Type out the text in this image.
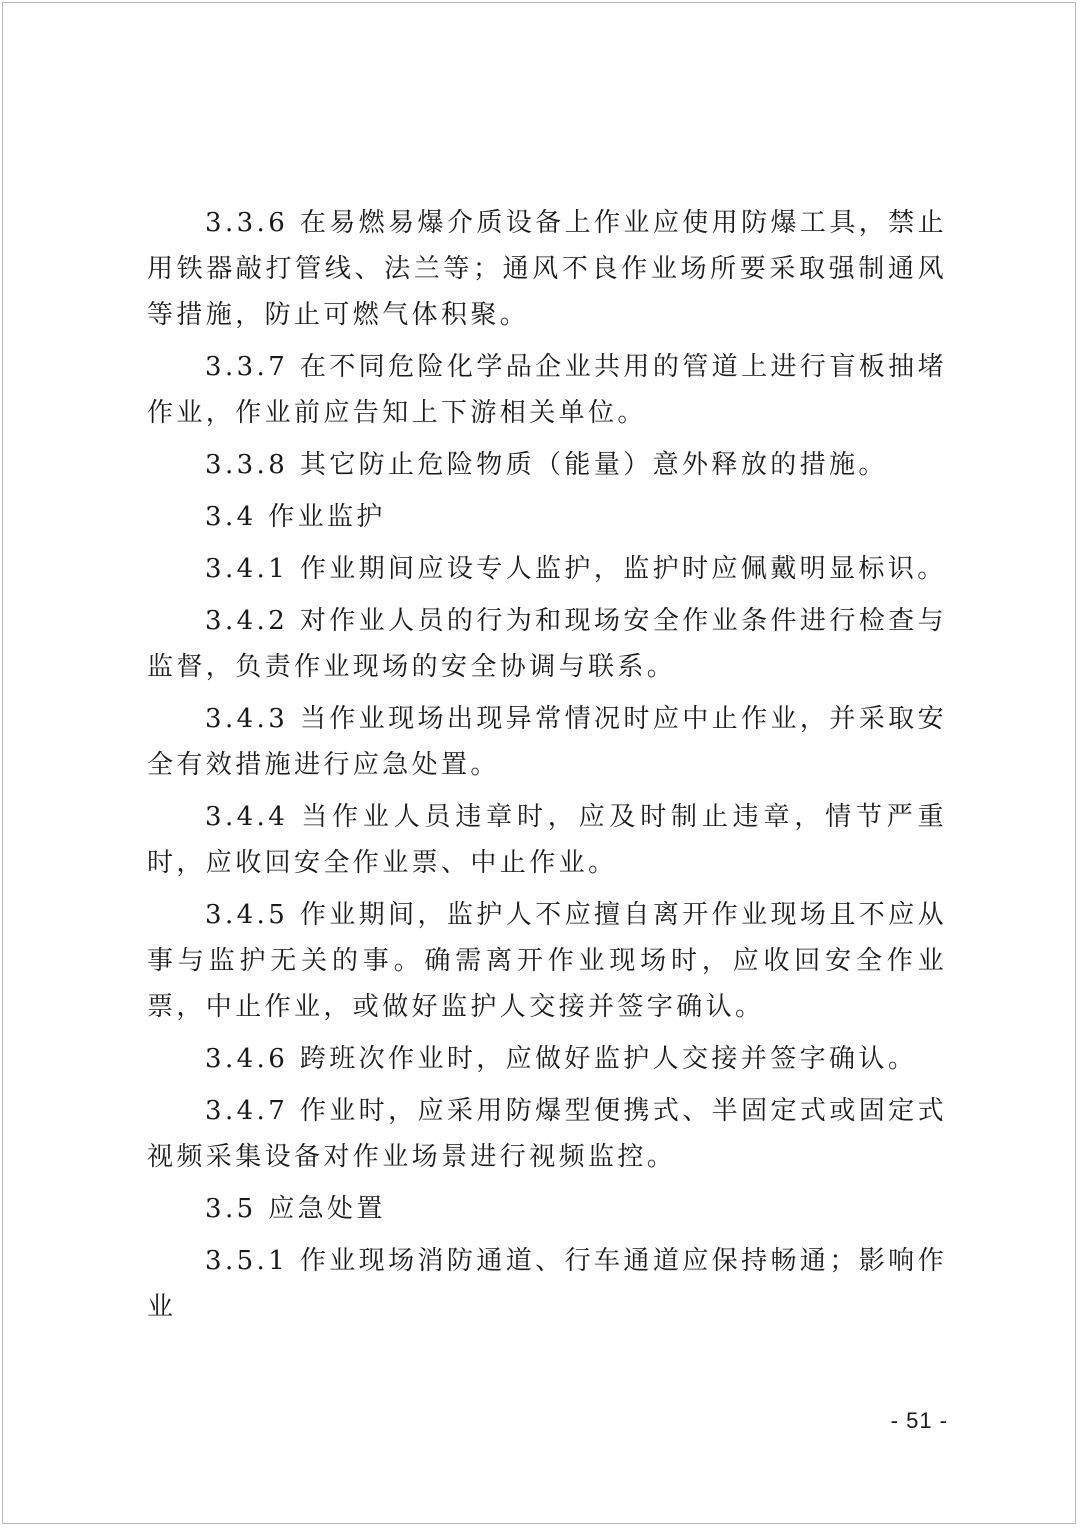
3.3.6 在易燃易爆介质设备上作业应使用防爆工具，禁止用铁器敲打管线、法兰等；通风不良作业场所要采取强制通风等措施，防止可燃气体积聚。

3.3.7 在不同危险化学品企业共用的管道上进行盲板抽堵作业，作业前应告知上下游相关单位。

3.3.8 其它防止危险物质（能量）意外释放的措施。

3.4 作业监护

3.4.1 作业期间应设专人监护，监护时应佩戴明显标识。

3.4.2 对作业人员的行为和现场安全作业条件进行检查与监督，负责作业现场的安全协调与联系。

3.4.3 当作业现场出现异常情况时应中止作业，并采取安全有效措施进行应急处置。

3.4.4 当作业人员违章时，应及时制止违章，情节严重时，应收回安全作业票、中止作业。

3.4.5 作业期间，监护人不应擅自离开作业现场且不应从事与监护无关的事。确需离开作业现场时，应收回安全作业票，中止作业，或做好监护人交接并签字确认。

3.4.6 跨班次作业时，应做好监护人交接并签字确认。

3.4.7 作业时，应采用防爆型便携式、半固定式或固定式视频采集设备对作业场景进行视频监控。

3.5 应急处置

3.5.1 作业现场消防通道、行车通道应保持畅通；影响作业

- 51 -
